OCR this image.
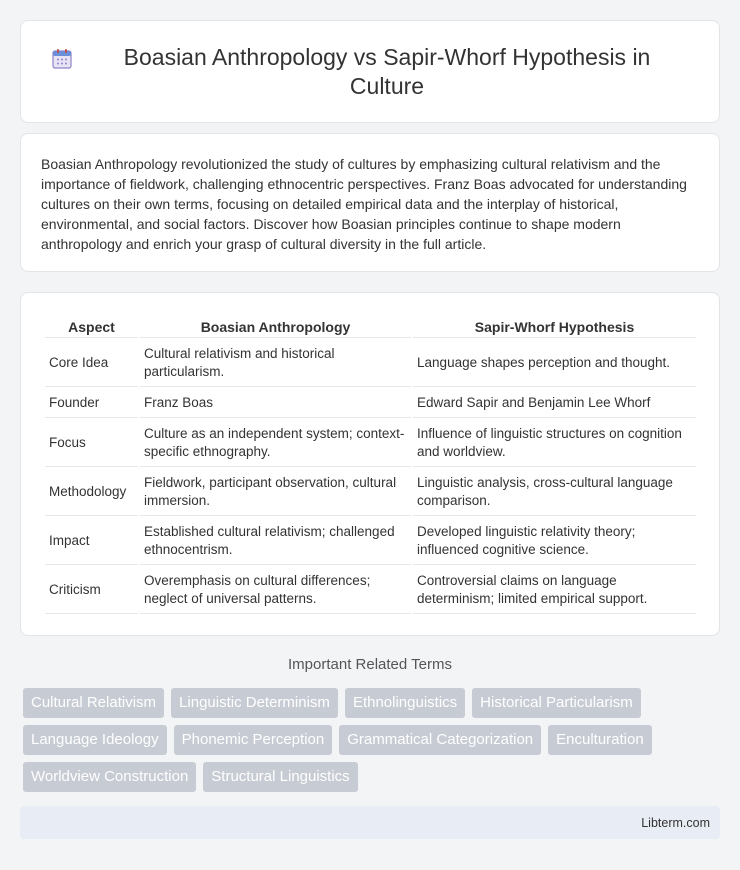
Boasian Anthropology vs Sapir-Whorf Hypothesis in Culture

Boasian Anthropology revolutionized the study of cultures by emphasizing cultural relativism and the importance of fieldwork, challenging ethnocentric perspectives. Franz Boas advocated for understanding cultures on their own terms, focusing on detailed empirical data and the interplay of historical, environmental, and social factors. Discover how Boasian principles continue to shape modern anthropology and enrich your grasp of cultural diversity in the full article.

Aspect	Boasian Anthropology	Sapir-Whorf Hypothesis
Core Idea	Cultural relativism and historical particularism.	Language shapes perception and thought.
Founder	Franz Boas	Edward Sapir and Benjamin Lee Whorf
Focus	Culture as an independent system; context-specific ethnography.	Influence of linguistic structures on cognition and worldview.
Methodology	Fieldwork, participant observation, cultural immersion.	Linguistic analysis, cross-cultural language comparison.
Impact	Established cultural relativism; challenged ethnocentrism.	Developed linguistic relativity theory; influenced cognitive science.
Criticism	Overemphasis on cultural differences; neglect of universal patterns.	Controversial claims on language determinism; limited empirical support.
Important Related Terms
Cultural Relativism	Linguistic Determinism	Ethnolinguistics	Historical Particularism
Language Ideology	Phonemic Perception	Grammatical Categorization	Enculturation
Worldview Construction	Structural Linguistics
Libterm.com
